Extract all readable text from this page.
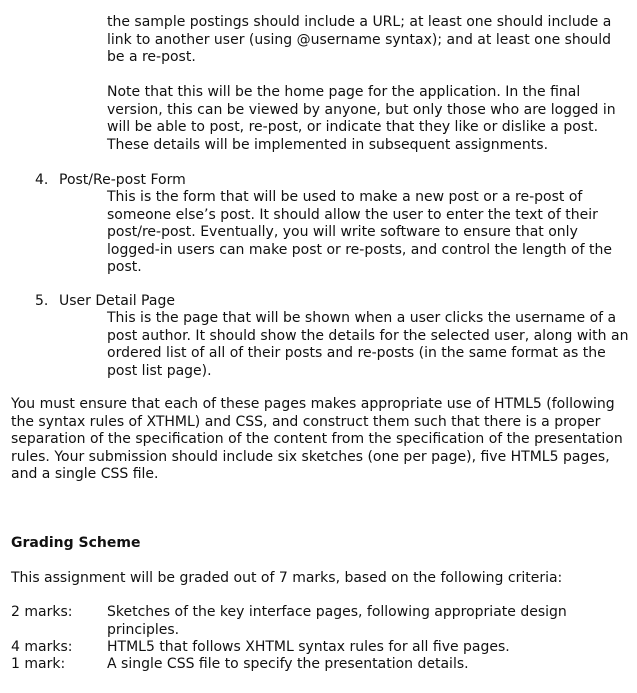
the sample postings should include a URL; at least one should include a link to another user (using @username syntax); and at least one should be a re-post.

Note that this will be the home page for the application. In the final version, this can be viewed by anyone, but only those who are logged in will be able to post, re-post, or indicate that they like or dislike a post. These details will be implemented in subsequent assignments.

4. Post/Re-post Form

This is the form that will be used to make a new post or a re-post of someone else’s post. It should allow the user to enter the text of their post/re-post. Eventually, you will write software to ensure that only logged-in users can make post or re-posts, and control the length of the post.

5. User Detail Page

This is the page that will be shown when a user clicks the username of a post author. It should show the details for the selected user, along with an ordered list of all of their posts and re-posts (in the same format as the post list page).

You must ensure that each of these pages makes appropriate use of HTML5 (following the syntax rules of XTHML) and CSS, and construct them such that there is a proper separation of the specification of the content from the specification of the presentation rules. Your submission should include six sketches (one per page), five HTML5 pages, and a single CSS file.

Grading Scheme

This assignment will be graded out of 7 marks, based on the following criteria:

2 marks: Sketches of the key interface pages, following appropriate design principles.
4 marks: HTML5 that follows XHTML syntax rules for all five pages.
1 mark:	A single CSS file to specify the presentation details.
